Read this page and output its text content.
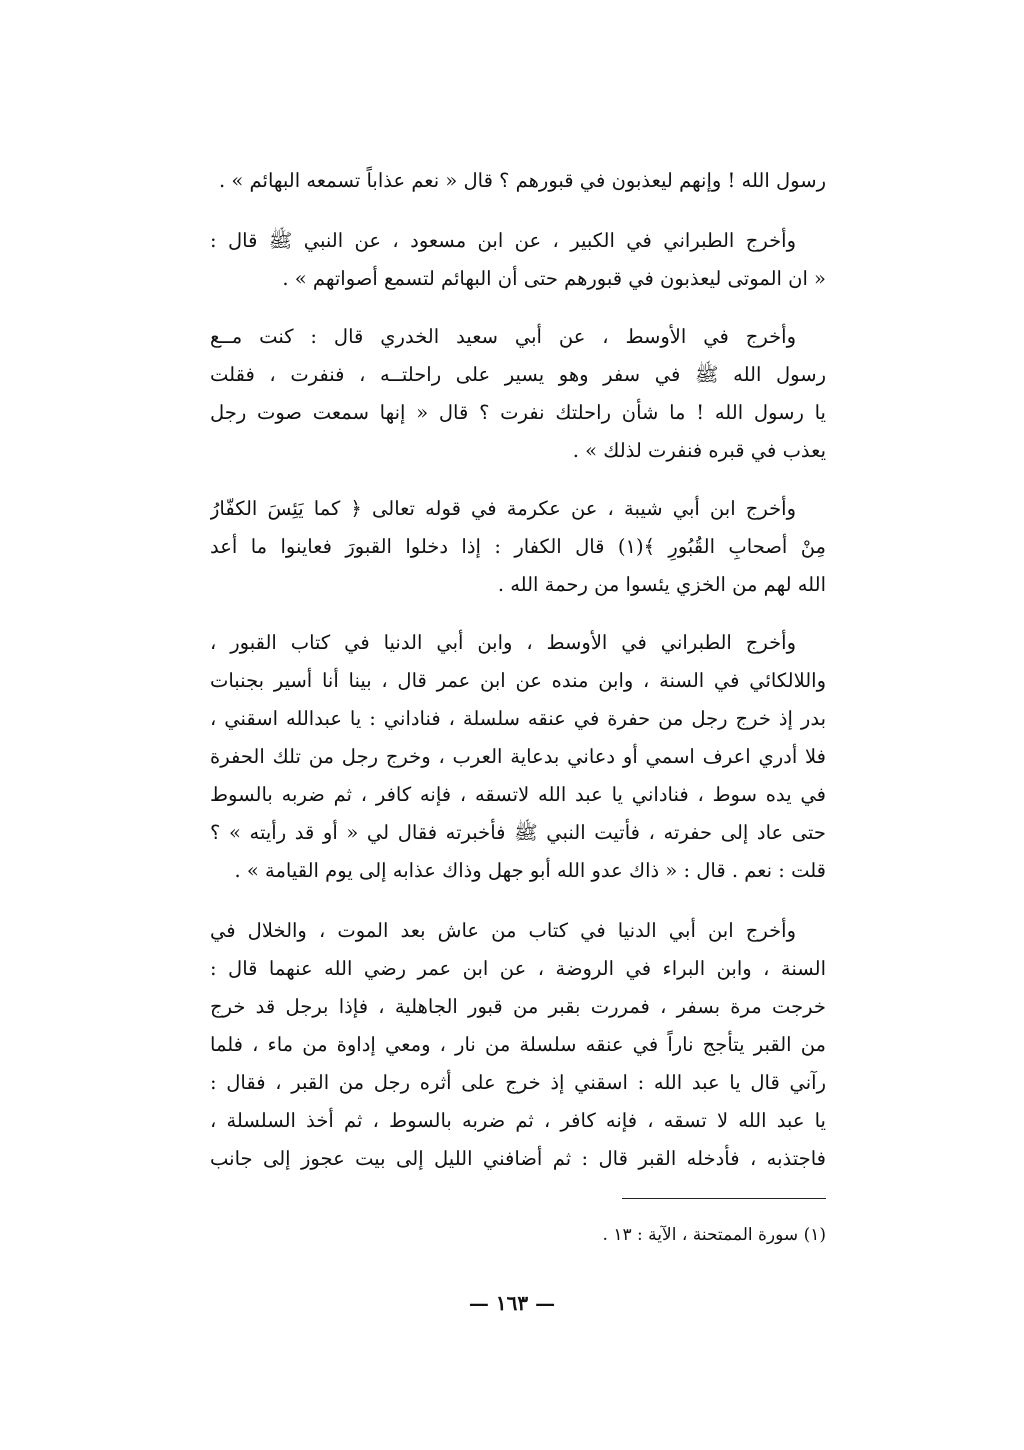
رسول الله ! وإنهم ليعذبون في قبورهم ؟ قال « نعم عذاباً تسمعه البهائم » .
وأخرج الطبراني في الكبير ، عن ابن مسعود ، عن النبي ﷺ قال :
« ان الموتى ليعذبون في قبورهم حتى أن البهائم لتسمع أصواتهم » .
وأخرج في الأوسط ، عن أبي سعيد الخدري قال : كنت مــع
رسول الله ﷺ في سفر وهو يسير على راحلتــه ، فنفرت ، فقلت
يا رسول الله ! ما شأن راحلتك نفرت ؟ قال « إنها سمعت صوت رجل
يعذب في قبره فنفرت لذلك » .
وأخرج ابن أبي شيبة ، عن عكرمة في قوله تعالى ﴿ كما يَئِسَ الكفّارُ
مِنْ أصحابِ القُبُورِ ﴾(١) قال الكفار : إذا دخلوا القبورَ فعاينوا ما أعد
الله لهم من الخزي يئسوا من رحمة الله .
وأخرج الطبراني في الأوسط ، وابن أبي الدنيا في كتاب القبور ،
واللالكائي في السنة ، وابن منده عن ابن عمر قال ، بينا أنا أسير بجنبات
بدر إذ خرج رجل من حفرة في عنقه سلسلة ، فناداني : يا عبدالله اسقني ،
فلا أدري اعرف اسمي أو دعاني بدعاية العرب ، وخرج رجل من تلك الحفرة
في يده سوط ، فناداني يا عبد الله لاتسقه ، فإنه كافر ، ثم ضربه بالسوط
حتى عاد إلى حفرته ، فأتيت النبي ﷺ فأخبرته فقال لي « أو قد رأيته » ؟
قلت : نعم . قال : « ذاك عدو الله أبو جهل وذاك عذابه إلى يوم القيامة » .
وأخرج ابن أبي الدنيا في كتاب من عاش بعد الموت ، والخلال في
السنة ، وابن البراء في الروضة ، عن ابن عمر رضي الله عنهما قال :
خرجت مرة بسفر ، فمررت بقبر من قبور الجاهلية ، فإذا برجل قد خرج
من القبر يتأجج ناراً في عنقه سلسلة من نار ، ومعي إداوة من ماء ، فلما
رآني قال يا عبد الله : اسقني إذ خرج على أثره رجل من القبر ، فقال :
يا عبد الله لا تسقه ، فإنه كافر ، ثم ضربه بالسوط ، ثم أخذ السلسلة ،
فاجتذبه ، فأدخله القبر قال : ثم أضافني الليل إلى بيت عجوز إلى جانب
(١) سورة الممتحنة ، الآية : ١٣ .
— ١٦٣ —
